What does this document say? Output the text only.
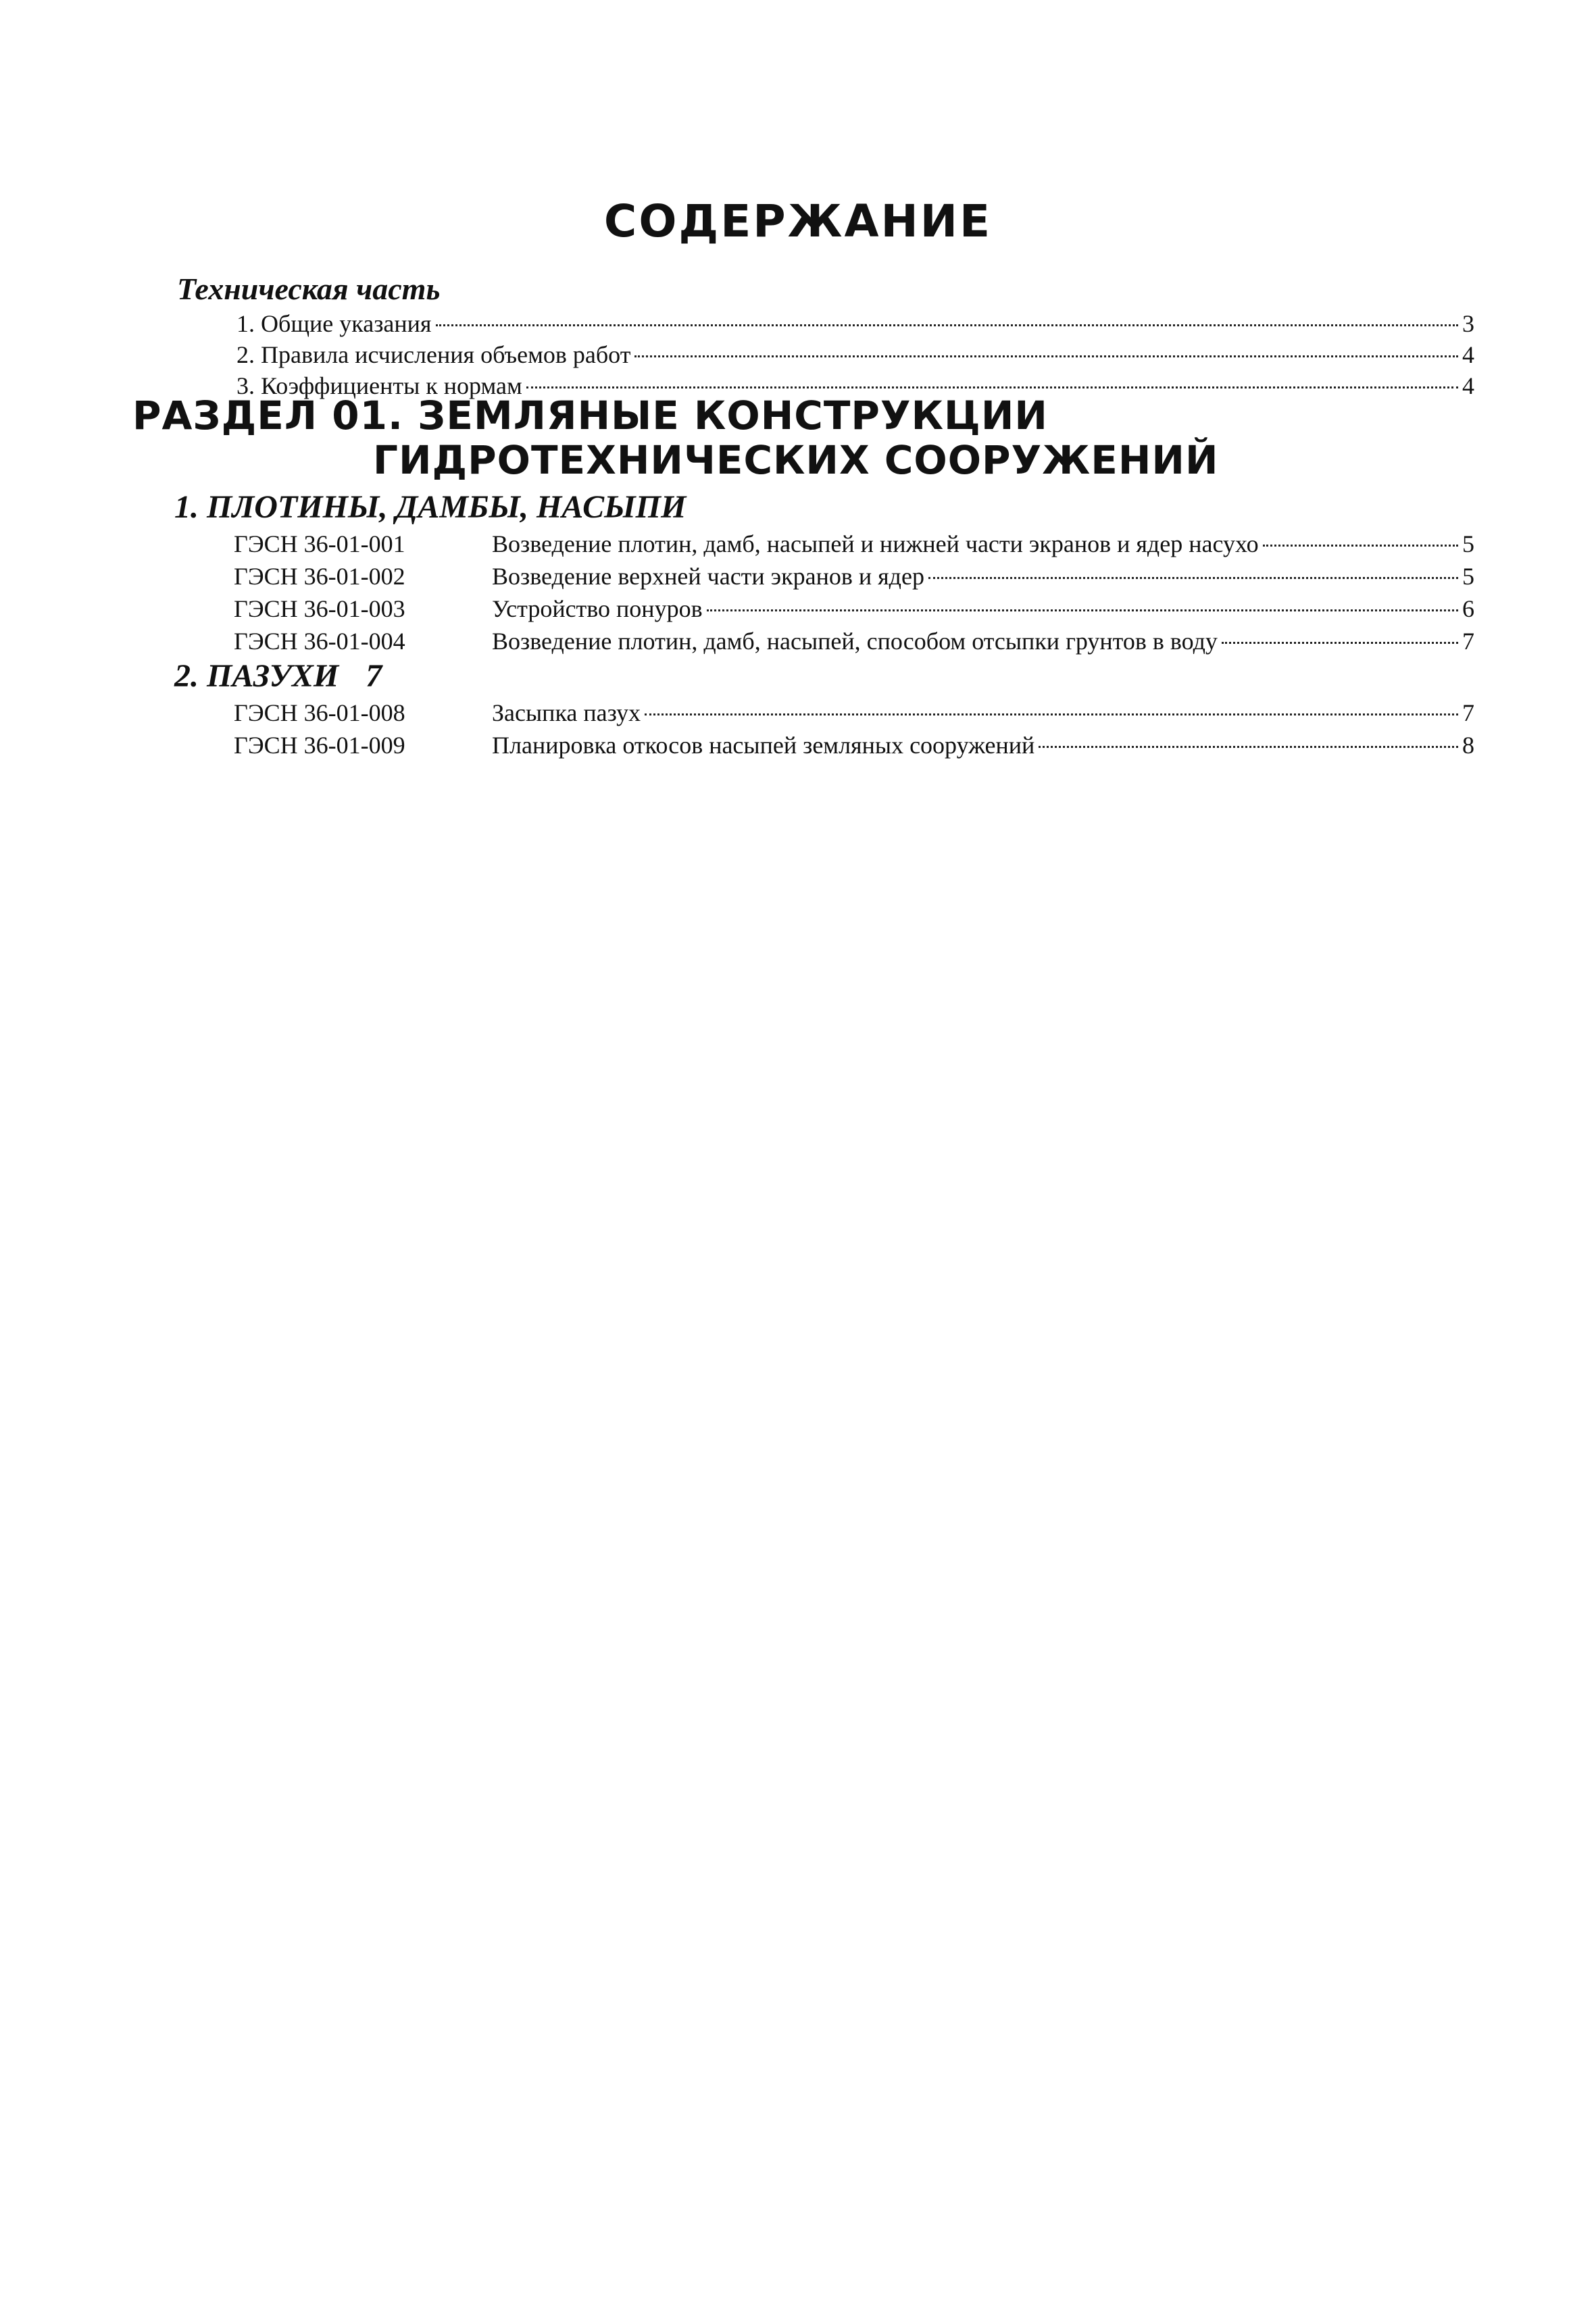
СОДЕРЖАНИЕ
Техническая часть
1. Общие указания	3
2. Правила исчисления объемов работ	4
3. Коэффициенты к нормам	4
РАЗДЕЛ 01. ЗЕМЛЯНЫЕ КОНСТРУКЦИИ
ГИДРОТЕХНИЧЕСКИХ СООРУЖЕНИЙ
1. ПЛОТИНЫ, ДАМБЫ, НАСЫПИ
ГЭСН 36-01-001	Возведение плотин, дамб, насыпей и нижней части экранов и ядер насухо	5
ГЭСН 36-01-002	Возведение верхней части экранов и ядер	5
ГЭСН 36-01-003	Устройство понуров	6
ГЭСН 36-01-004	Возведение плотин, дамб, насыпей, способом отсыпки грунтов в воду	7
2. ПАЗУХИ 7
ГЭСН 36-01-008	Засыпка пазух	7
ГЭСН 36-01-009	Планировка откосов насыпей земляных сооружений	8
